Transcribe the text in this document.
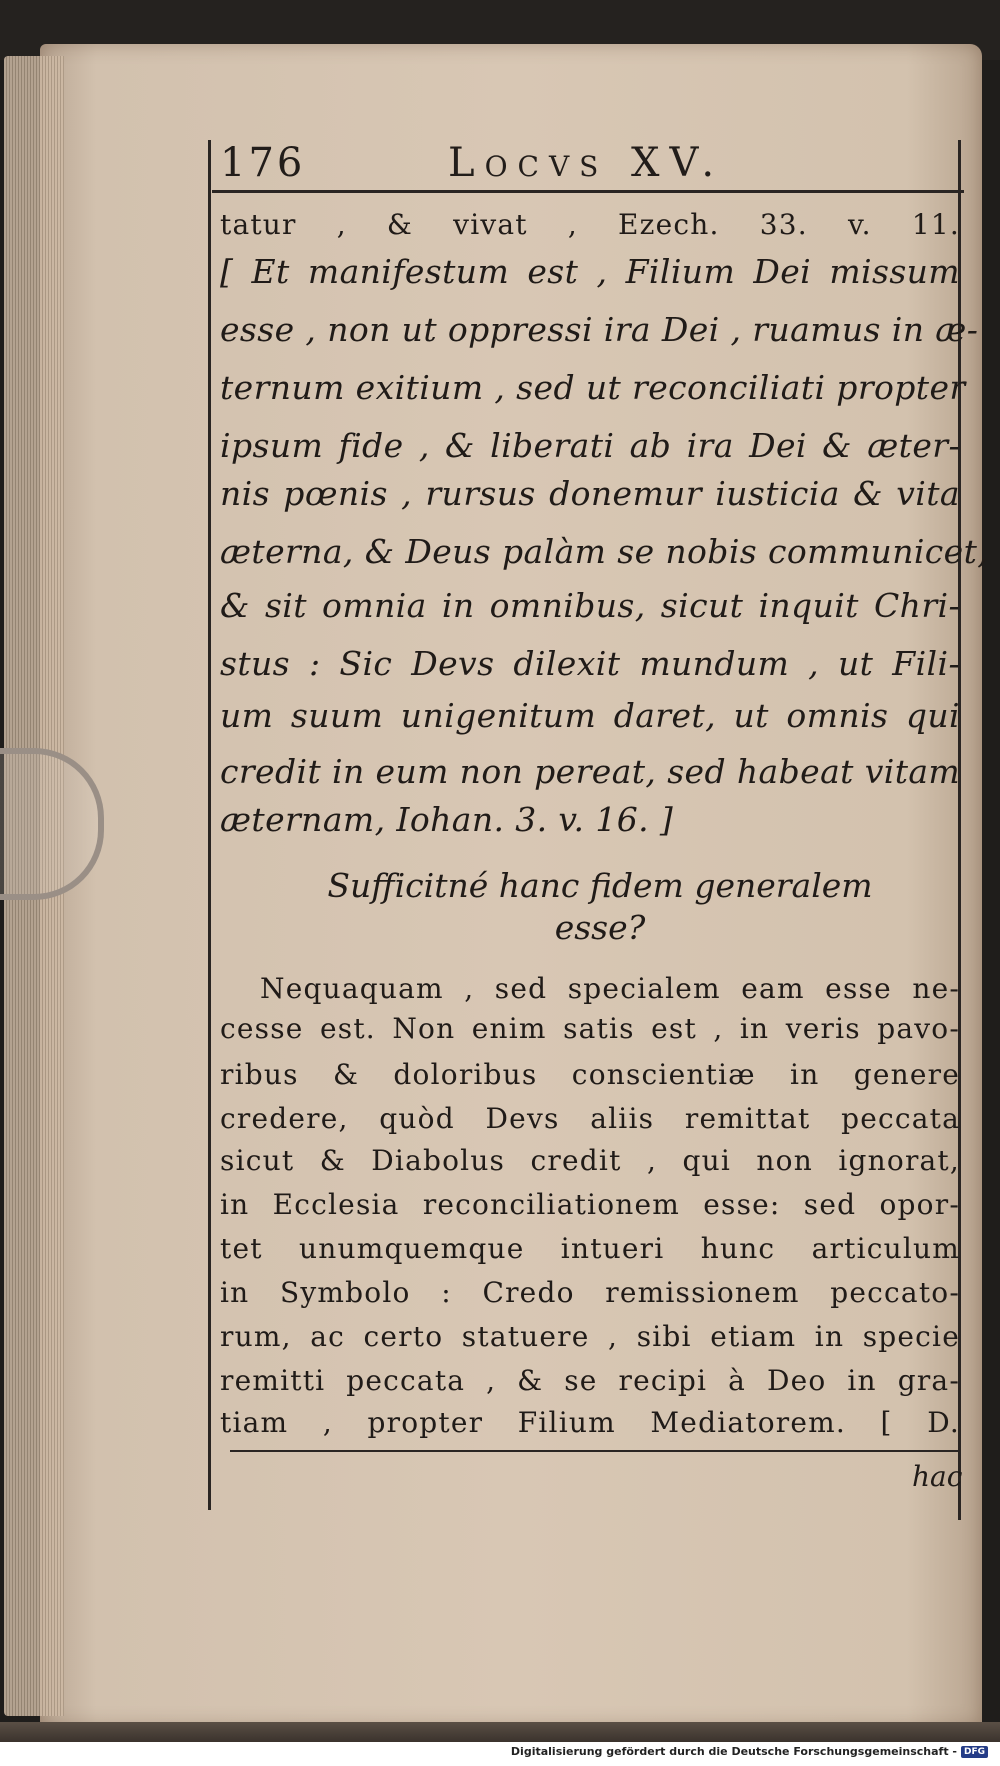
176	Locvs XV.
tatur , & vivat , Ezech. 33. v. 11.
[ Et manifestum est , Filium Dei missum
esse , non ut oppressi ira Dei , ruamus in æ-
ternum exitium , sed ut reconciliati propter
ipsum fide , & liberati ab ira Dei & æter-
nis pœnis , rursus donemur iusticia & vita
æterna, & Deus palàm se nobis communicet,
& sit omnia in omnibus, sicut inquit Chri-
stus : Sic Devs dilexit mundum , ut Fili-
um suum unigenitum daret, ut omnis qui
credit in eum non pereat, sed habeat vitam
æternam, Iohan. 3. v. 16. ]
Sufficitné hanc fidem generalem
esse?
Nequaquam , sed specialem eam esse ne-
cesse est. Non enim satis est , in veris pavo-
ribus & doloribus conscientiæ in genere
credere, quòd Devs aliis remittat peccata
sicut & Diabolus credit , qui non ignorat,
in Ecclesia reconciliationem esse: sed opor-
tet unumquemque intueri hunc articulum
in Symbolo : Credo remissionem peccato-
rum, ac certo statuere , sibi etiam in specie
remitti peccata , & se recipi à Deo in gra-
tiam , propter Filium Mediatorem. [ D.
hac
Digitalisierung gefördert durch die Deutsche Forschungsgemeinschaft - DFG
